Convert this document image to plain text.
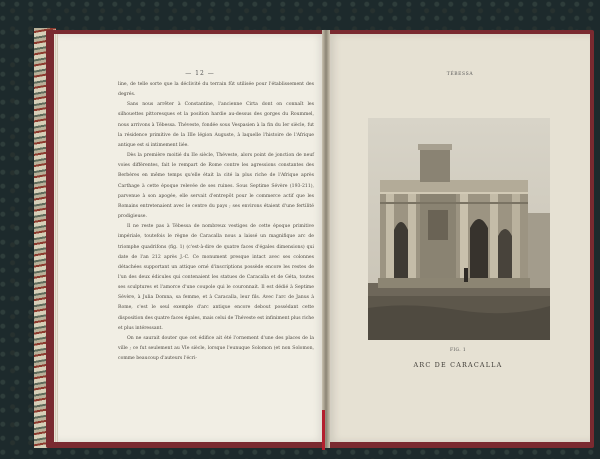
— 12 —

line, de telle sorte que la déclivité du terrain fût utilisée pour l'établissement des degrés.

Sans nous arrêter à Constantine, l'ancienne Cirta dont on connaît les silhouettes pittoresques et la position hardie au-dessus des gorges du Roummel, nous arrivons à Tébessa. Théveste, fondée sous Vespasien à la fin du Ier siècle, fut la résidence primitive de la IIIe légion Auguste, à laquelle l'histoire de l'Afrique antique est si intimement liée.

Dès la première moitié du IIe siècle, Théveste, alors point de jonction de neuf voies différentes, fait le rempart de Rome contre les agressions constantes des Berbères en même temps qu'elle était la cité la plus riche de l'Afrique après Carthage à cette époque relevée de ses ruines. Sous Septime Sévère (193-211), parvenue à son apogée, elle servait d'entrepôt pour le commerce actif que les Romains entretenaient avec le centre du pays ; ses environs étaient d'une fertilité prodigieuse.

Il ne reste pas à Tébessa de nombreux vestiges de cette époque primitive impériale, toutefois le règne de Caracalla nous a laissé un magnifique arc de triomphe quadrifons (fig. 1) (c'est-à-dire de quatre faces d'égales dimensions) qui date de l'an 212 après J.-C. Ce monument presque intact avec ses colonnes détachées supportant un attique orné d'inscriptions possède encore les restes de l'un des deux édicules qui contenaient les statues de Caracalla et de Géta, toutes ses sculptures et l'amorce d'une coupole qui le couronnait. Il est dédié à Septime Sévère, à Julia Domna, sa femme, et à Caracalla, leur fils. Avec l'arc de Janus à Rome, c'est le seul exemple d'arc antique encore debout possédant cette disposition des quatre faces égales, mais celui de Théveste est infiniment plus riche et plus intéressant.

On ne saurait douter que cet édifice ait été l'ornement d'une des places de la ville ; ce fut seulement au VIe siècle, lorsque l'eunuque Solomon (et non Solomon, comme beaucoup d'auteurs l'écri-

TÉBESSA
FIG. 1
ARC DE CARACALLA
